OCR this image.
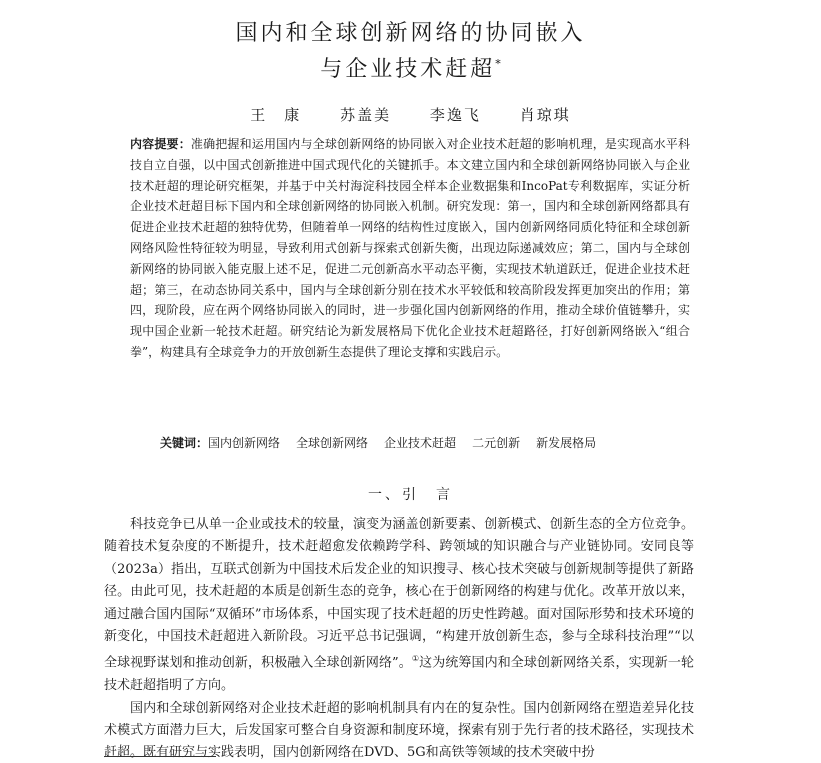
国内和全球创新网络的协同嵌入
与企业技术赶超*
王　康	苏盖美	李逸飞	肖琼琪
内容提要：准确把握和运用国内与全球创新网络的协同嵌入对企业技术赶超的影响机理，是实现高水平科技自立自强，以中国式创新推进中国式现代化的关键抓手。本文建立国内和全球创新网络协同嵌入与企业技术赶超的理论研究框架，并基于中关村海淀科技园全样本企业数据集和IncoPat专利数据库，实证分析企业技术赶超目标下国内和全球创新网络的协同嵌入机制。研究发现：第一，国内和全球创新网络都具有促进企业技术赶超的独特优势，但随着单一网络的结构性过度嵌入，国内创新网络同质化特征和全球创新网络风险性特征较为明显，导致利用式创新与探索式创新失衡，出现边际递减效应；第二，国内与全球创新网络的协同嵌入能克服上述不足，促进二元创新高水平动态平衡，实现技术轨道跃迁，促进企业技术赶超；第三，在动态协同关系中，国内与全球创新分别在技术水平较低和较高阶段发挥更加突出的作用；第四，现阶段，应在两个网络协同嵌入的同时，进一步强化国内创新网络的作用，推动全球价值链攀升，实现中国企业新一轮技术赶超。研究结论为新发展格局下优化企业技术赶超路径，打好创新网络嵌入“组合拳”，构建具有全球竞争力的开放创新生态提供了理论支撑和实践启示。
关键词：国内创新网络 全球创新网络 企业技术赶超 二元创新 新发展格局
一、引　言

科技竞争已从单一企业或技术的较量，演变为涵盖创新要素、创新模式、创新生态的全方位竞争。随着技术复杂度的不断提升，技术赶超愈发依赖跨学科、跨领域的知识融合与产业链协同。安同良等（2023a）指出，互联式创新为中国技术后发企业的知识搜寻、核心技术突破与创新规制等提供了新路径。由此可见，技术赶超的本质是创新生态的竞争，核心在于创新网络的构建与优化。改革开放以来，通过融合国内国际“双循环”市场体系，中国实现了技术赶超的历史性跨越。面对国际形势和技术环境的新变化，中国技术赶超进入新阶段。习近平总书记强调，“构建开放创新生态，参与全球科技治理”“以全球视野谋划和推动创新，积极融入全球创新网络”。①这为统筹国内和全球创新网络关系，实现新一轮技术赶超指明了方向。

国内和全球创新网络对企业技术赶超的影响机制具有内在的复杂性。国内创新网络在塑造差异化技术模式方面潜力巨大，后发国家可整合自身资源和制度环境，探索有别于先行者的技术路径，实现技术赶超。既有研究与实践表明，国内创新网络在DVD、5G和高铁等领域的技术突破中扮
